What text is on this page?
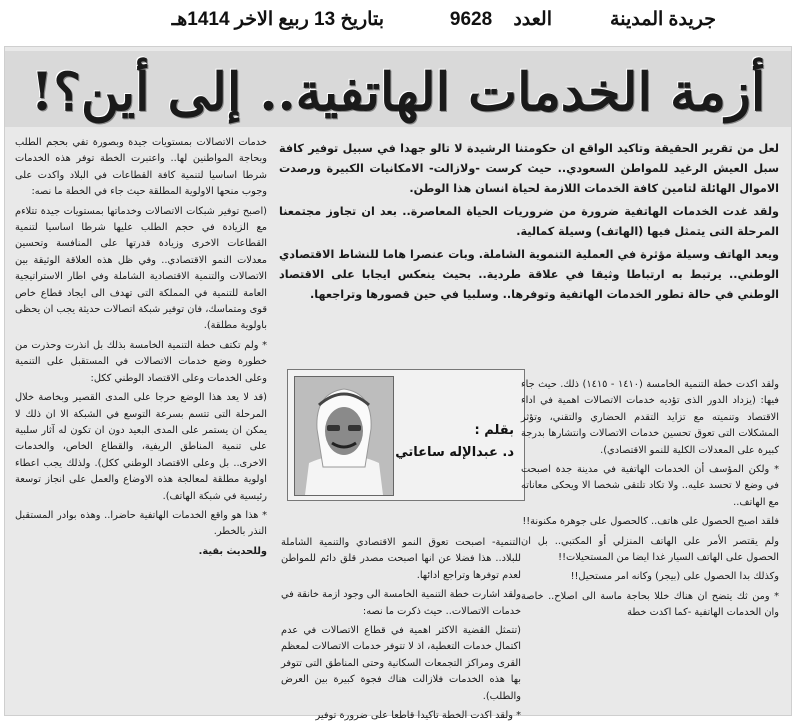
جريدة المدينة
العدد    9628
بتاريخ 13 ربيع الاخر 1414هـ
أزمة الخدمات الهاتفية.. إلى أين؟!

لعل من تقرير الحقيقة وتاكيد الواقع ان حكومتنا الرشيدة لا تالو جهدا في سبيل توفير كافة سبل العيش الرغيد للمواطن السعودي.. حيث كرست -ولازالت- الامكانيات الكبيرة ورصدت الاموال الهائلة لتامين كافة الخدمات اللازمة لحياة انسان هذا الوطن.

ولقد غدت الخدمات الهاتفية ضرورة من ضروريات الحياة المعاصرة.. بعد ان تجاوز مجتمعنا المرحلة التى يتمثل فيها (الهاتف) وسيلة كمالية.

ويعد الهاتف وسيلة مؤثرة في العملية التنموية الشاملة. وبات عنصرا هاما للنشاط الاقتصادي الوطني.. يرتبط به ارتباطا وثيقا في علاقة طردية.. بحيث ينعكس ايجابا على الاقتصاد الوطني في حالة تطور الخدمات الهاتفية وتوفرها.. وسلبيا في حين قصورها وتراجعها.

خدمات الاتصالات بمستويات جيدة وبصورة تفي بحجم الطلب وبحاجة المواطنين لها.. واعتبرت الخطة توفر هذه الخدمات شرطا اساسيا لتنمية كافة القطاعات في البلاد واكدت على وجوب منحها الاولوية المطلقة حيث جاء في الخطة ما نصه:

(اصبح توفير شبكات الاتصالات وخدماتها بمستويات جيدة تتلاءم مع الزيادة في حجم الطلب عليها شرطا اساسيا لتنمية القطاعات الاخرى وزيادة قدرتها على المنافسة وتحسين معدلات النمو الاقتصادي.. وفي ظل هذه العلاقة الوثيقة بين الاتصالات والتنمية الاقتصادية الشاملة وفي اطار الاستراتيجية العامة للتنمية في المملكة التى تهدف الى ايجاد قطاع خاص قوى ومتماسك، فان توفير شبكة اتصالات حديثة يجب ان يحظى باولوية مطلقة).

* ولم تكتف خطة التنمية الخامسة بذلك بل انذرت وحذرت من خطورة وضع خدمات الاتصالات في المستقبل على التنمية وعلى الخدمات وعلى الاقتصاد الوطني ككل:

(قد لا يعد هذا الوضع حرجا على المدى القصير وبخاصة خلال المرحلة التى تتسم بسرعة التوسع في الشبكة الا ان ذلك لا يمكن ان يستمر على المدى البعيد دون ان تكون له آثار سلبية على تنمية المناطق الريفية، والقطاع الخاص، والخدمات الاخرى.. بل وعلى الاقتصاد الوطني ككل). ولذلك يجب اعطاء اولوية مطلقة لمعالجة هذه الاوضاع والعمل على انجاز توسعة رئيسية في شبكة الهاتف).

* هذا هو واقع الخدمات الهاتفية حاضرا.. وهذه بوادر المستقبل النذر بالخطر.

وللحديث بقية.

بقلم :
د. عبدالإله ساعاتي

التنمية- اصبحت تعوق النمو الاقتصادي والتنمية الشاملة للبلاد.. هذا فضلا عن انها اصبحت مصدر قلق دائم للمواطن لعدم توفرها وتراجع ادائها.

ولقد اشارت خطة التنمية الخامسة الى وجود ازمة خانقة في خدمات الاتصالات.. حيث ذكرت ما نصه:

(تتمثل القضية الاكثر اهمية في قطاع الاتصالات في عدم اكتمال خدمات التغطية، اذ لا تتوفر خدمات الاتصالات لمعظم القرى ومراكز التجمعات السكانية وحتى المناطق التى تتوفر بها هذه الخدمات فلازالت هناك فجوة كبيرة بين العرض والطلب).

* ولقد اكدت الخطة تاكيدا قاطعا على ضرورة توفير

ولقد اكدت خطة التنمية الخامسة (١٤١٠ - ١٤١٥) ذلك. حيث جاء فيها: (يزداد الدور الذى تؤديه خدمات الاتصالات اهمية في اداء الاقتصاد وتنميته مع تزايد التقدم الحضاري والتقني، وتؤثر المشكلات التى تعوق تحسين خدمات الاتصالات وانتشارها بدرجة كبيرة على المعدلات الكلية للنمو الاقتصادي).

* ولكن المؤسف أن الخدمات الهاتفية في مدينة جدة اصبحت في وضع لا تحسد عليه.. ولا تكاد تلتقى شخصا الا ويحكى معاناته مع الهاتف..

فلقد اصبح الحصول على هاتف.. كالحصول على جوهرة مكنونة!!

ولم يقتصر الأمر على الهاتف المنزلي أو المكتبي.. بل ان الحصول على الهاتف السيار غدا ايضا من المستحيلات!!

وكذلك بدا الحصول على (بيجر) وكانه امر مستحيل!!

* ومن ثك يتضح ان هناك خللا بحاجة ماسة الى اصلاح.. خاصة وان الخدمات الهاتفية -كما اكدت خطة
